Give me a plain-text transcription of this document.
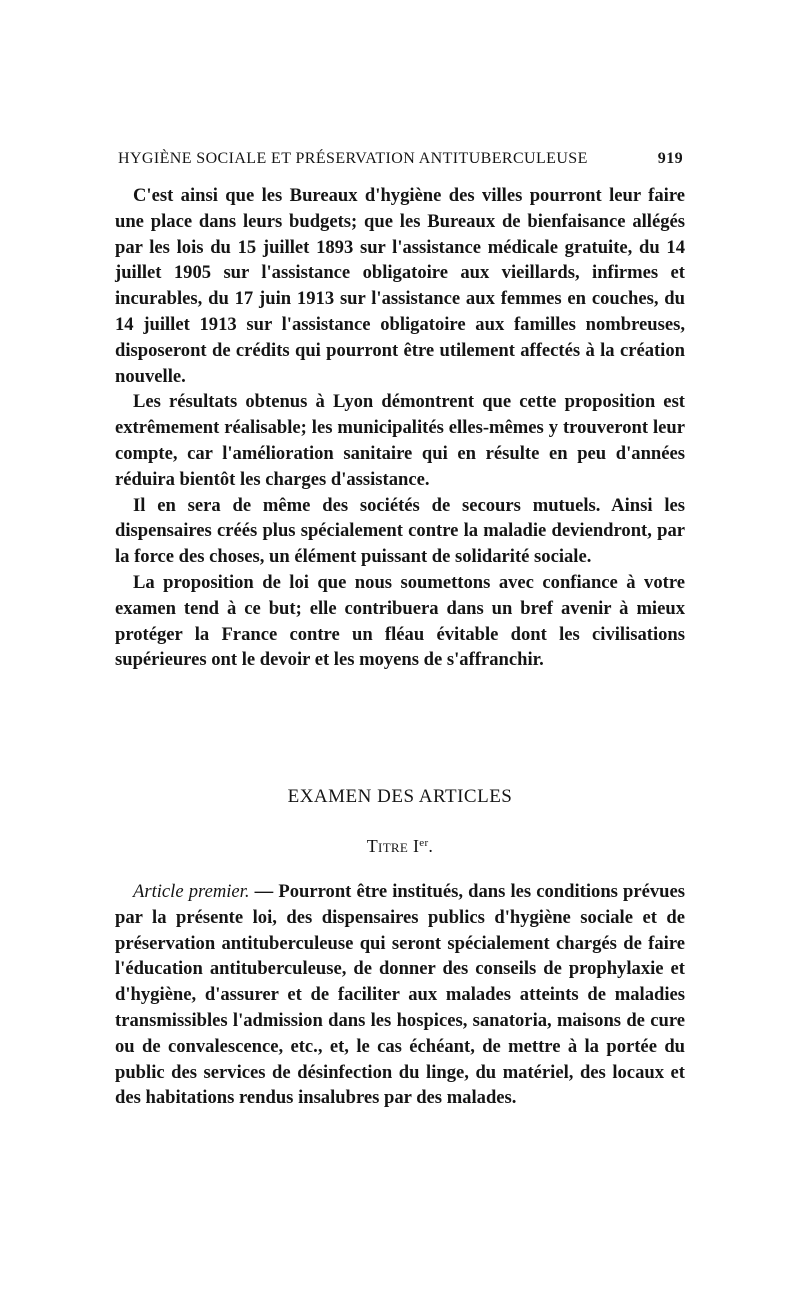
HYGIÈNE SOCIALE ET PRÉSERVATION ANTITUBERCULEUSE	919

C'est ainsi que les Bureaux d'hygiène des villes pourront leur faire une place dans leurs budgets; que les Bureaux de bienfaisance allégés par les lois du 15 juillet 1893 sur l'assistance médicale gratuite, du 14 juillet 1905 sur l'assistance obligatoire aux vieillards, infirmes et incurables, du 17 juin 1913 sur l'assistance aux femmes en couches, du 14 juillet 1913 sur l'assistance obligatoire aux familles nombreuses, disposeront de crédits qui pourront être utilement affectés à la création nouvelle.

Les résultats obtenus à Lyon démontrent que cette proposition est extrêmement réalisable; les municipalités elles-mêmes y trouveront leur compte, car l'amélioration sanitaire qui en résulte en peu d'années réduira bientôt les charges d'assistance.

Il en sera de même des sociétés de secours mutuels. Ainsi les dispensaires créés plus spécialement contre la maladie deviendront, par la force des choses, un élément puissant de solidarité sociale.

La proposition de loi que nous soumettons avec confiance à votre examen tend à ce but; elle contribuera dans un bref avenir à mieux protéger la France contre un fléau évitable dont les civilisations supérieures ont le devoir et les moyens de s'affranchir.

EXAMEN DES ARTICLES
Titre Ier.

Article premier. — Pourront être institués, dans les conditions prévues par la présente loi, des dispensaires publics d'hygiène sociale et de préservation antituberculeuse qui seront spécialement chargés de faire l'éducation antituberculeuse, de donner des conseils de prophylaxie et d'hygiène, d'assurer et de faciliter aux malades atteints de maladies transmissibles l'admission dans les hospices, sanatoria, maisons de cure ou de convalescence, etc., et, le cas échéant, de mettre à la portée du public des services de désinfection du linge, du matériel, des locaux et des habitations rendus insalubres par des malades.
